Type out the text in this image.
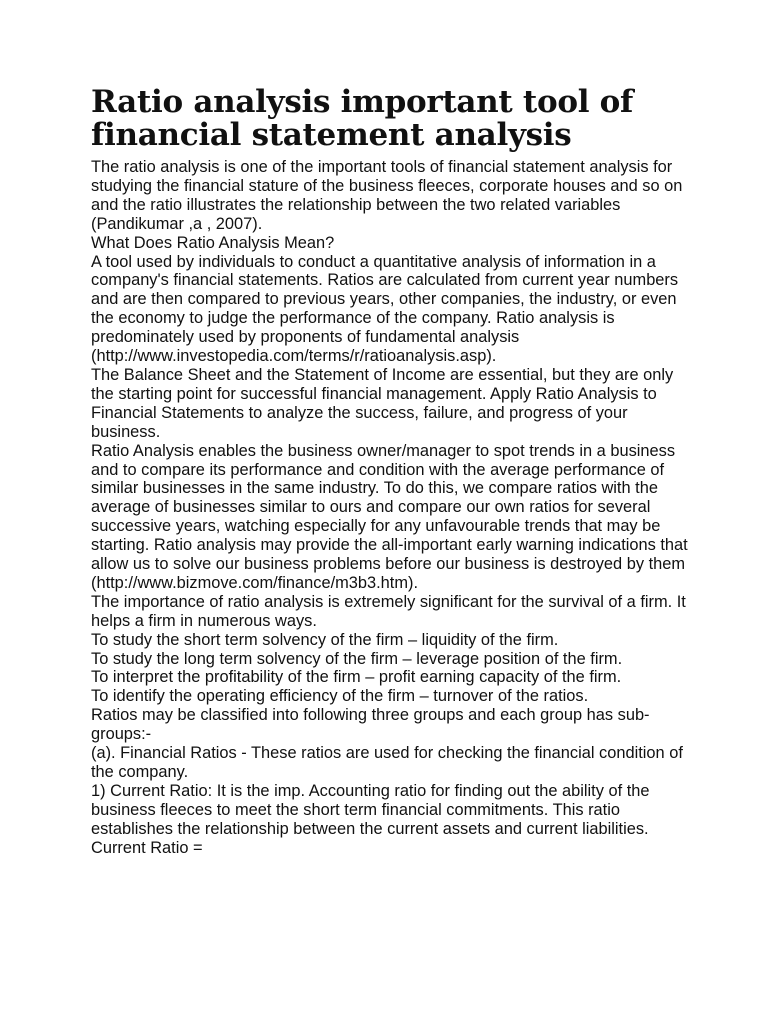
Ratio analysis important tool of financial statement analysis

The ratio analysis is one of the important tools of financial statement analysis for studying the financial stature of the business fleeces, corporate houses and so on and the ratio illustrates the relationship between the two related variables (Pandikumar ,a , 2007).

What Does Ratio Analysis Mean?

A tool used by individuals to conduct a quantitative analysis of information in a company's financial statements. Ratios are calculated from current year numbers and are then compared to previous years, other companies, the industry, or even the economy to judge the performance of the company. Ratio analysis is predominately used by proponents of fundamental analysis (http://www.investopedia.com/terms/r/ratioanalysis.asp).

The Balance Sheet and the Statement of Income are essential, but they are only the starting point for successful financial management. Apply Ratio Analysis to Financial Statements to analyze the success, failure, and progress of your business.

Ratio Analysis enables the business owner/manager to spot trends in a business and to compare its performance and condition with the average performance of similar businesses in the same industry. To do this, we compare ratios with the average of businesses similar to ours and compare our own ratios for several successive years, watching especially for any unfavourable trends that may be starting. Ratio analysis may provide the all-important early warning indications that allow us to solve our business problems before our business is destroyed by them (http://www.bizmove.com/finance/m3b3.htm).

The importance of ratio analysis is extremely significant for the survival of a firm. It helps a firm in numerous ways.

To study the short term solvency of the firm – liquidity of the firm.

To study the long term solvency of the firm – leverage position of the firm.

To interpret the profitability of the firm – profit earning capacity of the firm.

To identify the operating efficiency of the firm – turnover of the ratios.

Ratios may be classified into following three groups and each group has sub-groups:-

(a). Financial Ratios - These ratios are used for checking the financial condition of the company.

1) Current Ratio: It is the imp. Accounting ratio for finding out the ability of the business fleeces to meet the short term financial commitments. This ratio establishes the relationship between the current assets and current liabilities.

Current Ratio =
